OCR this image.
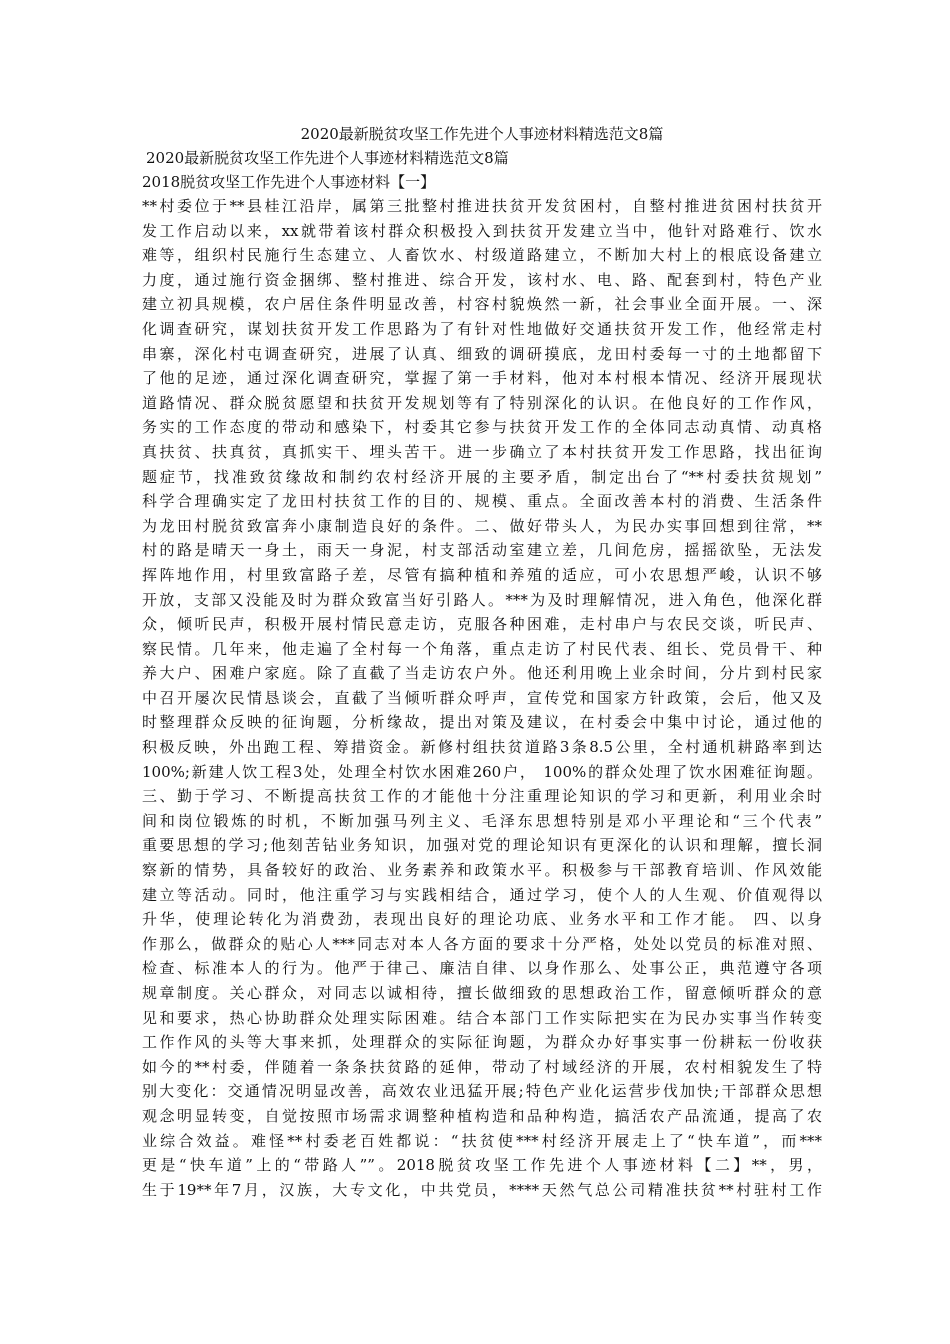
2020最新脱贫攻坚工作先进个人事迹材料精选范文8篇

2020最新脱贫攻坚工作先进个人事迹材料精选范文8篇

2018脱贫攻坚工作先进个人事迹材料【一】

**村委位于**县桂江沿岸，属第三批整村推进扶贫开发贫困村，自整村推进贫困村扶贫开
发工作启动以来，xx就带着该村群众积极投入到扶贫开发建立当中，他针对路难行、饮水
难等，组织村民施行生态建立、人畜饮水、村级道路建立，不断加大村上的根底设备建立
力度，通过施行资金捆绑、整村推进、综合开发，该村水、电、路、配套到村，特色产业
建立初具规模，农户居住条件明显改善，村容村貌焕然一新，社会事业全面开展。一、深
化调查研究，谋划扶贫开发工作思路为了有针对性地做好交通扶贫开发工作，他经常走村
串寨，深化村屯调查研究，进展了认真、细致的调研摸底，龙田村委每一寸的土地都留下
了他的足迹，通过深化调查研究，掌握了第一手材料，他对本村根本情况、经济开展现状
道路情况、群众脱贫愿望和扶贫开发规划等有了特别深化的认识。在他良好的工作作风，
务实的工作态度的带动和感染下，村委其它参与扶贫开发工作的全体同志动真情、动真格
真扶贫、扶真贫，真抓实干、埋头苦干。进一步确立了本村扶贫开发工作思路，找出征询
题症节，找准致贫缘故和制约农村经济开展的主要矛盾，制定出台了“**村委扶贫规划”
科学合理确实定了龙田村扶贫工作的目的、规模、重点。全面改善本村的消费、生活条件
为龙田村脱贫致富奔小康制造良好的条件。二、做好带头人，为民办实事回想到往常，**
村的路是晴天一身土，雨天一身泥，村支部活动室建立差，几间危房，摇摇欲坠，无法发
挥阵地作用，村里致富路子差，尽管有搞种植和养殖的适应，可小农思想严峻，认识不够
开放，支部又没能及时为群众致富当好引路人。***为及时理解情况，进入角色，他深化群
众，倾听民声，积极开展村情民意走访，克服各种困难，走村串户与农民交谈，听民声、
察民情。几年来，他走遍了全村每一个角落，重点走访了村民代表、组长、党员骨干、种
养大户、困难户家庭。除了直截了当走访农户外。他还利用晚上业余时间，分片到村民家
中召开屡次民情恳谈会，直截了当倾听群众呼声，宣传党和国家方针政策，会后，他又及
时整理群众反映的征询题，分析缘故，提出对策及建议，在村委会中集中讨论，通过他的
积极反映，外出跑工程、筹措资金。新修村组扶贫道路3条8.5公里，全村通机耕路率到达
100%;新建人饮工程3处，处理全村饮水困难260户， 100%的群众处理了饮水困难征询题。
三、勤于学习、不断提高扶贫工作的才能他十分注重理论知识的学习和更新，利用业余时
间和岗位锻炼的时机，不断加强马列主义、毛泽东思想特别是邓小平理论和“三个代表”
重要思想的学习;他刻苦钻业务知识，加强对党的理论知识有更深化的认识和理解，擅长洞
察新的情势，具备较好的政治、业务素养和政策水平。积极参与干部教育培训、作风效能
建立等活动。同时，他注重学习与实践相结合，通过学习，使个人的人生观、价值观得以
升华，使理论转化为消费劲，表现出良好的理论功底、业务水平和工作才能。 四、以身
作那么，做群众的贴心人***同志对本人各方面的要求十分严格，处处以党员的标准对照、
检查、标准本人的行为。他严于律己、廉洁自律、以身作那么、处事公正，典范遵守各项
规章制度。关心群众，对同志以诚相待，擅长做细致的思想政治工作，留意倾听群众的意
见和要求，热心协助群众处理实际困难。结合本部门工作实际把实在为民办实事当作转变
工作作风的头等大事来抓，处理群众的实际征询题，为群众办好事实事一份耕耘一份收获
如今的**村委，伴随着一条条扶贫路的延伸，带动了村域经济的开展，农村相貌发生了特
别大变化：交通情况明显改善，高效农业迅猛开展;特色产业化运营步伐加快;干部群众思想
观念明显转变，自觉按照市场需求调整种植构造和品种构造，搞活农产品流通，提高了农
业综合效益。难怪**村委老百姓都说：“扶贫使***村经济开展走上了“快车道”，而***
更是“快车道”上的“带路人””。2018脱贫攻坚工作先进个人事迹材料【二】**，男，
生于19**年7月，汉族，大专文化，中共党员，****天然气总公司精准扶贫**村驻村工作
